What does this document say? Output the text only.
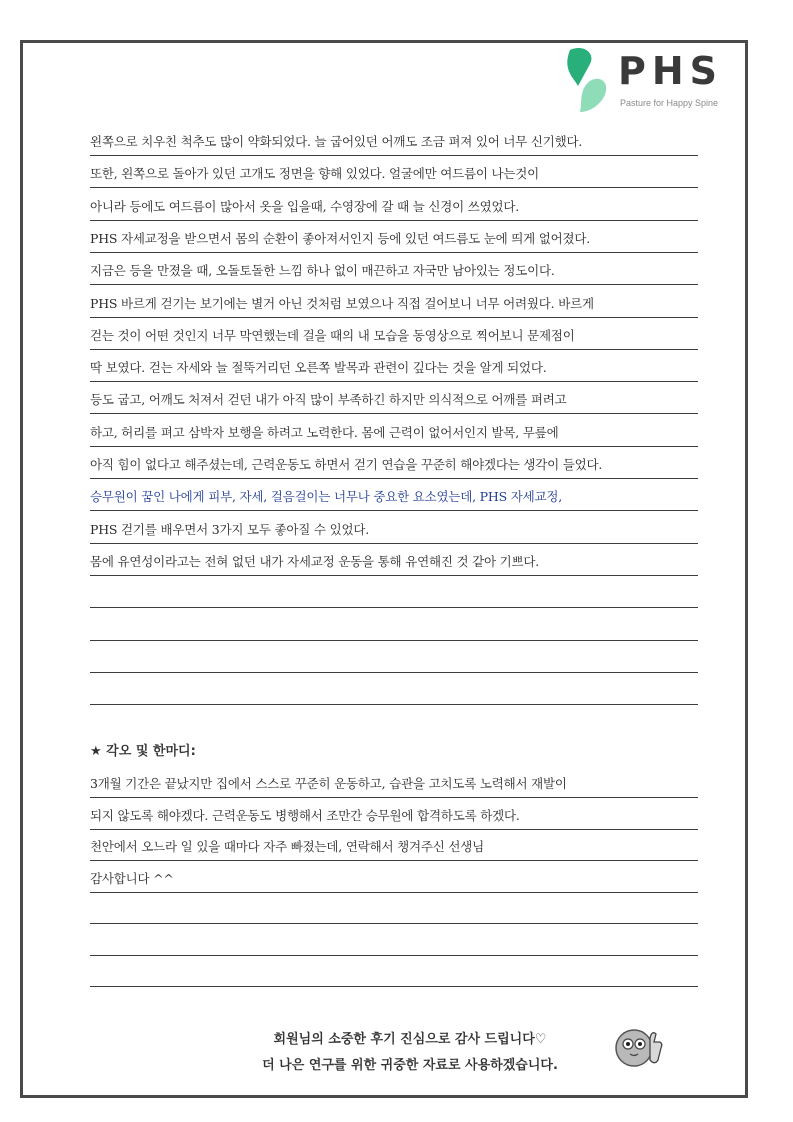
PHS
Pasture for Happy Spine
왼쪽으로 치우친 척추도 많이 약화되었다. 늘 굽어있던 어깨도 조금 펴져 있어 너무 신기했다.
또한, 왼쪽으로 돌아가 있던 고개도 정면을 향해 있었다. 얼굴에만 여드름이 나는것이
아니라 등에도 여드름이 많아서 옷을 입을때, 수영장에 갈 때 늘 신경이 쓰였었다.
PHS 자세교정을 받으면서 몸의 순환이 좋아져서인지 등에 있던 여드름도 눈에 띄게 없어졌다.
지금은 등을 만졌을 때, 오돌토돌한 느낌 하나 없이 매끈하고 자국만 남아있는 정도이다.
PHS 바르게 걷기는 보기에는 별거 아닌 것처럼 보였으나 직접 걸어보니 너무 어려웠다. 바르게
걷는 것이 어떤 것인지 너무 막연했는데 걸을 때의 내 모습을 동영상으로 찍어보니 문제점이
딱 보였다. 걷는 자세와 늘 절뚝거리던 오른쪽 발목과 관련이 깊다는 것을 알게 되었다.
등도 굽고, 어깨도 처져서 걷던 내가 아직 많이 부족하긴 하지만 의식적으로 어깨를 펴려고
하고, 허리를 펴고 삼박자 보행을 하려고 노력한다. 몸에 근력이 없어서인지 발목, 무릎에
아직 힘이 없다고 해주셨는데, 근력운동도 하면서 걷기 연습을 꾸준히 해야겠다는 생각이 들었다.
승무원이 꿈인 나에게 피부, 자세, 걸음걸이는 너무나 중요한 요소였는데, PHS 자세교정,
PHS 걷기를 배우면서 3가지 모두 좋아질 수 있었다.
몸에 유연성이라고는 전혀 없던 내가 자세교정 운동을 통해 유연해진 것 같아 기쁘다.
★ 각오 및 한마디:
3개월 기간은 끝났지만 집에서 스스로 꾸준히 운동하고, 습관을 고치도록 노력해서 재발이
되지 않도록 해야겠다. 근력운동도 병행해서 조만간 승무원에 합격하도록 하겠다.
천안에서 오느라 일 있을 때마다 자주 빠졌는데, 연락해서 챙겨주신 선생님
감사합니다 ^^
회원님의 소중한 후기 진심으로 감사 드립니다♡
더 나은 연구를 위한 귀중한 자료로 사용하겠습니다.
